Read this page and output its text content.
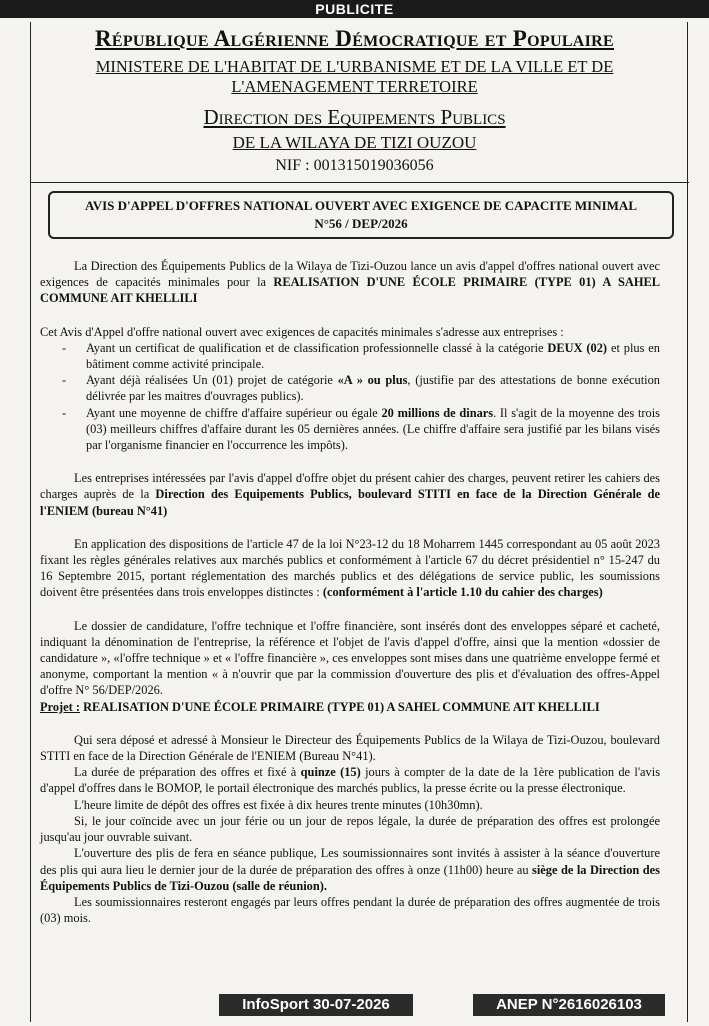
PUBLICITE
République Algérienne Démocratique et Populaire
MINISTERE DE L'HABITAT DE L'URBANISME ET DE LA VILLE ET DE L'AMENAGEMENT TERRETOIRE
Direction des Equipements Publics
DE LA WILAYA DE TIZI OUZOU
NIF : 001315019036056
AVIS D'APPEL D'OFFRES NATIONAL OUVERT AVEC EXIGENCE DE CAPACITE MINIMAL
N°56 / DEP/2026

La Direction des Équipements Publics de la Wilaya de Tizi-Ouzou lance un avis d'appel d'offres national ouvert avec exigences de capacités minimales pour la REALISATION D'UNE ÉCOLE PRIMAIRE (TYPE 01) A SAHEL COMMUNE AIT KHELLILI

Cet Avis d'Appel d'offre national ouvert avec exigences de capacités minimales s'adresse aux entreprises :

-	Ayant un certificat de qualification et de classification professionnelle classé à la catégorie DEUX (02) et plus en bâtiment comme activité principale.
-	Ayant déjà réalisées Un (01) projet de catégorie «A » ou plus, (justifie par des attestations de bonne exécution délivrée par les maitres d'ouvrages publics).
-	Ayant une moyenne de chiffre d'affaire supérieur ou égale 20 millions de dinars. Il s'agit de la moyenne des trois (03) meilleurs chiffres d'affaire durant les 05 dernières années. (Le chiffre d'affaire sera justifié par les bilans visés par l'organisme financier en l'occurrence les impôts).

Les entreprises intéressées par l'avis d'appel d'offre objet du présent cahier des charges, peuvent retirer les cahiers des charges auprès de la Direction des Equipements Publics, boulevard STITI en face de la Direction Générale de l'ENIEM (bureau N°41)

En application des dispositions de l'article 47 de la loi N°23-12 du 18 Moharrem 1445 correspondant au 05 août 2023 fixant les règles générales relatives aux marchés publics et conformément à l'article 67 du décret présidentiel n° 15-247 du 16 Septembre 2015, portant réglementation des marchés publics et des délégations de service public, les soumissions doivent être présentées dans trois enveloppes distinctes : (conformément à l'article 1.10 du cahier des charges)

Le dossier de candidature, l'offre technique et l'offre financière, sont insérés dont des enveloppes séparé et cacheté, indiquant la dénomination de l'entreprise, la référence et l'objet de l'avis d'appel d'offre, ainsi que la mention «dossier de candidature », «l'offre technique » et « l'offre financière », ces enveloppes sont mises dans une quatrième enveloppe fermé et anonyme, comportant la mention « à n'ouvrir que par la commission d'ouverture des plis et d'évaluation des offres-Appel d'offre N° 56/DEP/2026.

Projet : REALISATION D'UNE ÉCOLE PRIMAIRE (TYPE 01) A SAHEL COMMUNE AIT KHELLILI

Qui sera déposé et adressé à Monsieur le Directeur des Équipements Publics de la Wilaya de Tizi-Ouzou, boulevard STITI en face de la Direction Générale de l'ENIEM (Bureau N°41).

La durée de préparation des offres et fixé à quinze (15) jours à compter de la date de la 1ère publication de l'avis d'appel d'offres dans le BOMOP, le portail électronique des marchés publics, la presse écrite ou la presse électronique.

L'heure limite de dépôt des offres est fixée à dix heures trente minutes (10h30mn).

Si, le jour coïncide avec un jour férie ou un jour de repos légale, la durée de préparation des offres est prolongée jusqu'au jour ouvrable suivant.

L'ouverture des plis de fera en séance publique, Les soumissionnaires sont invités à assister à la séance d'ouverture des plis qui aura lieu le dernier jour de la durée de préparation des offres à onze (11h00) heure au siège de la Direction des Équipements Publics de Tizi-Ouzou (salle de réunion).

Les soumissionnaires resteront engagés par leurs offres pendant la durée de préparation des offres augmentée de trois (03) mois.

InfoSport 30-07-2026	ANEP N°2616026103
